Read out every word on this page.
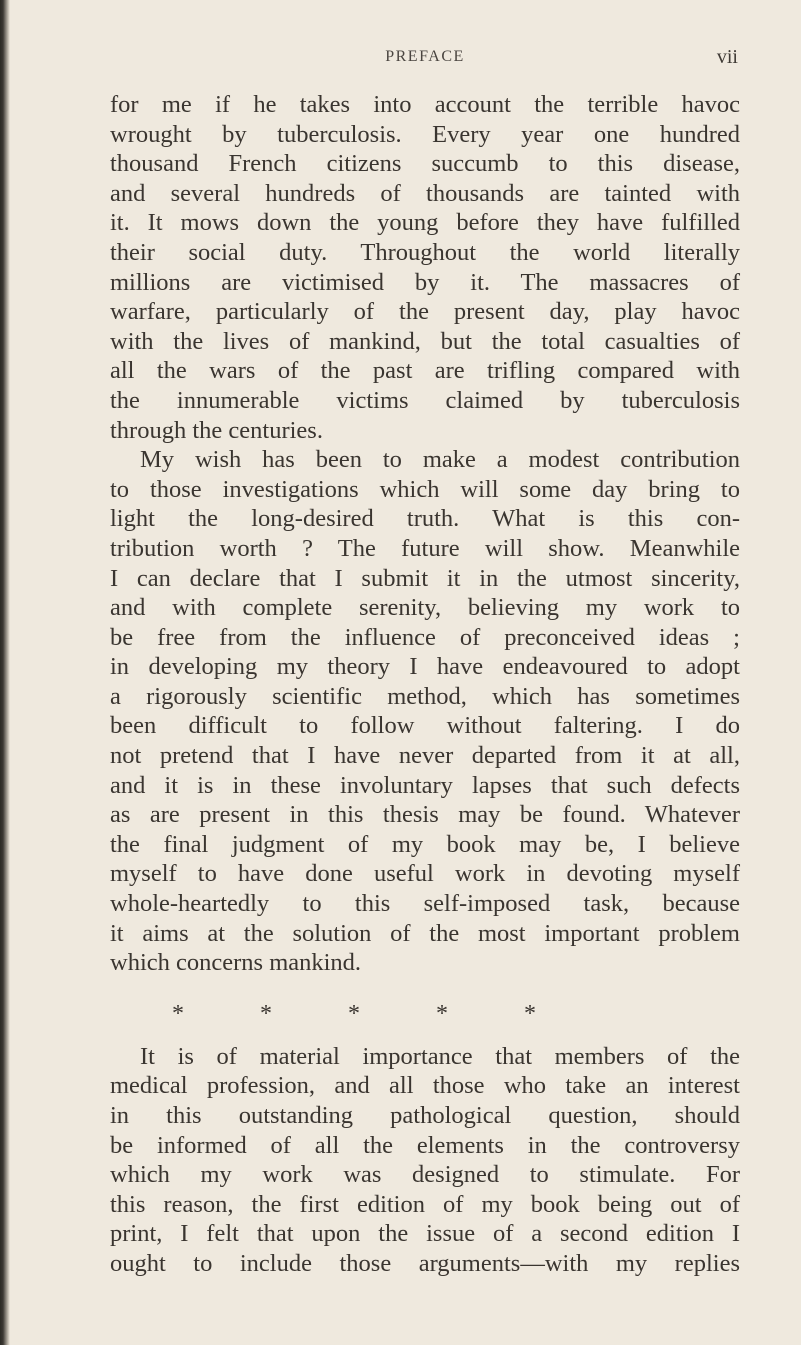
PREFACE	vii
for me if he takes into account the terrible havoc
wrought by tuberculosis. Every year one hundred
thousand French citizens succumb to this disease,
and several hundreds of thousands are tainted with
it. It mows down the young before they have fulfilled
their social duty. Throughout the world literally
millions are victimised by it. The massacres of
warfare, particularly of the present day, play havoc
with the lives of mankind, but the total casualties of
all the wars of the past are trifling compared with
the innumerable victims claimed by tuberculosis
through the centuries.
My wish has been to make a modest contribution
to those investigations which will some day bring to
light the long-desired truth. What is this con-
tribution worth ? The future will show. Meanwhile
I can declare that I submit it in the utmost sincerity,
and with complete serenity, believing my work to
be free from the influence of preconceived ideas ;
in developing my theory I have endeavoured to adopt
a rigorously scientific method, which has sometimes
been difficult to follow without faltering. I do
not pretend that I have never departed from it at all,
and it is in these involuntary lapses that such defects
as are present in this thesis may be found. Whatever
the final judgment of my book may be, I believe
myself to have done useful work in devoting myself
whole-heartedly to this self-imposed task, because
it aims at the solution of the most important problem
which concerns mankind.
*	*	*	*	*
It is of material importance that members of the
medical profession, and all those who take an interest
in this outstanding pathological question, should
be informed of all the elements in the controversy
which my work was designed to stimulate. For
this reason, the first edition of my book being out of
print, I felt that upon the issue of a second edition I
ought to include those arguments—with my replies
